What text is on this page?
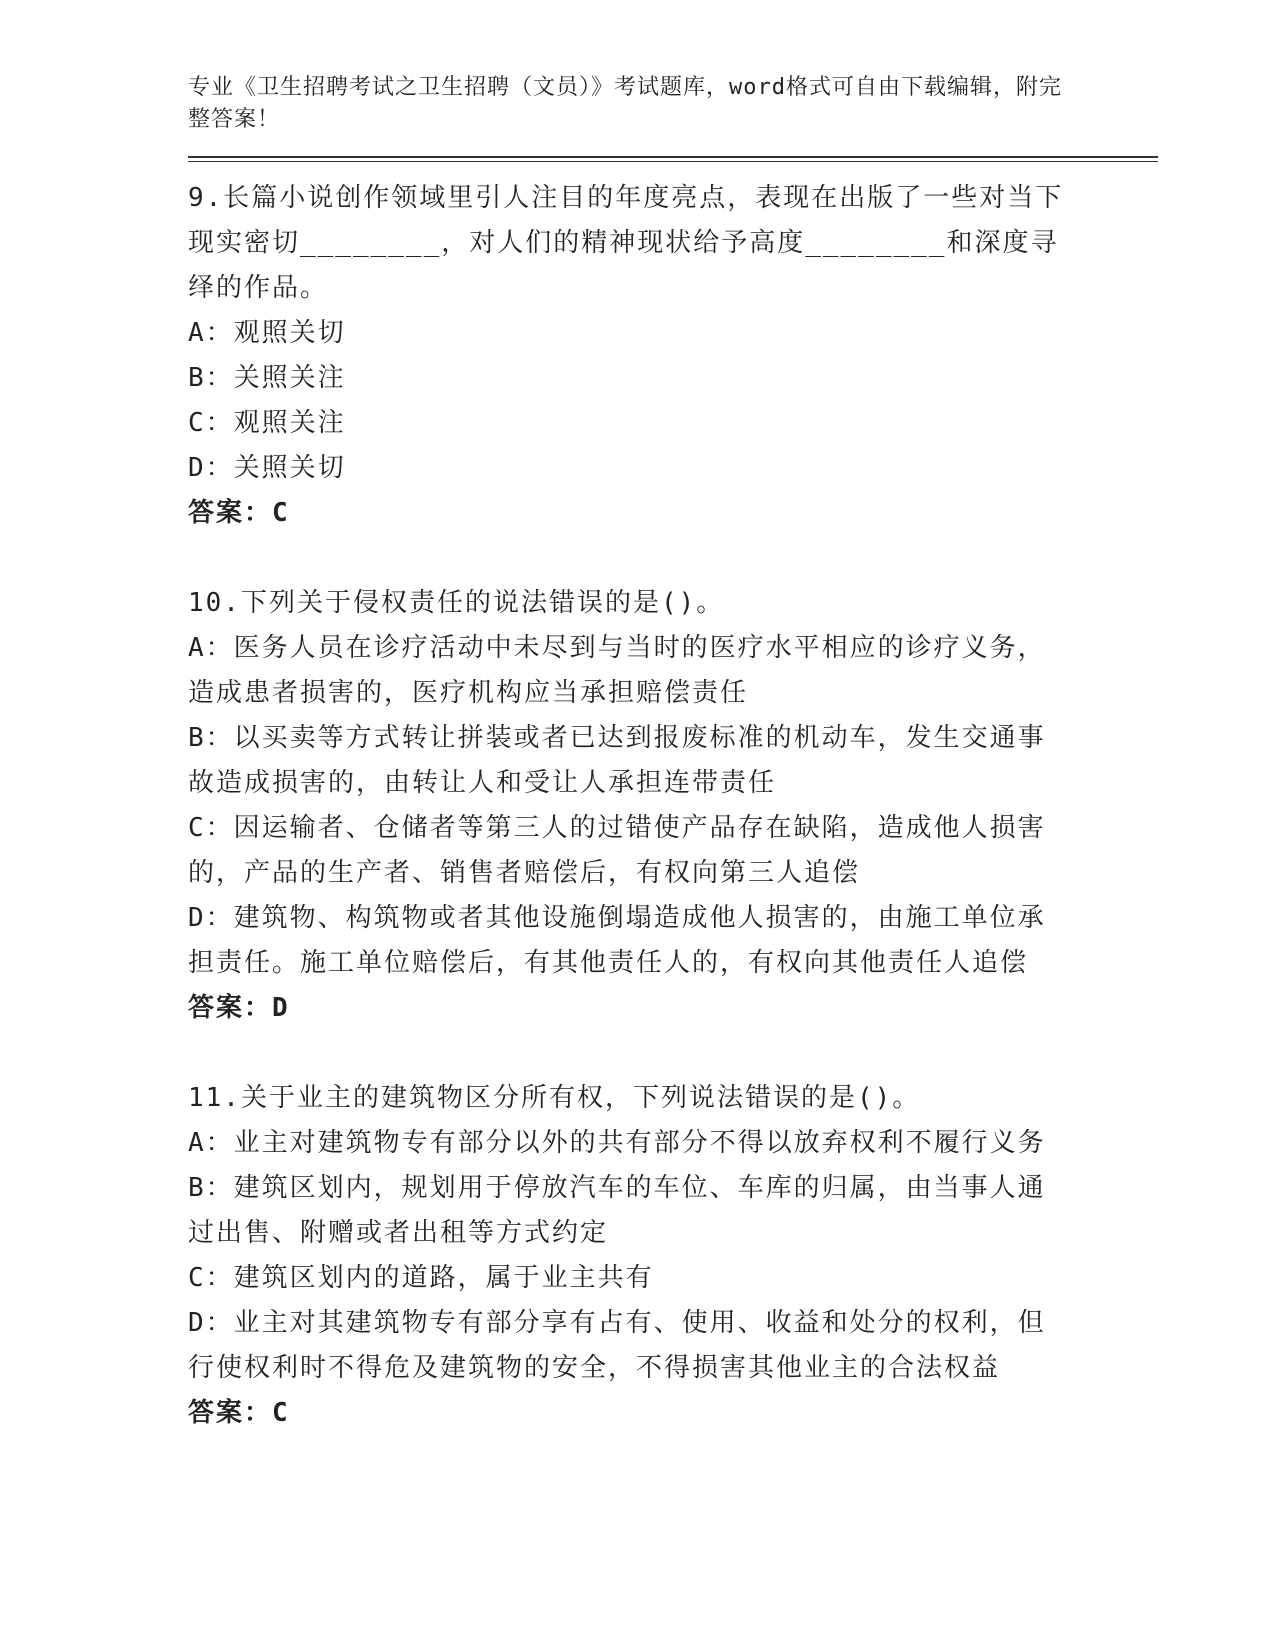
专业《卫生招聘考试之卫生招聘（文员）》考试题库，word格式可自由下载编辑，附完整答案！

9.长篇小说创作领域里引人注目的年度亮点，表现在出版了一些对当下现实密切________，对人们的精神现状给予高度________和深度寻绎的作品。

A：观照关切

B：关照关注

C：观照关注

D：关照关切

答案：C

10.下列关于侵权责任的说法错误的是()。

A：医务人员在诊疗活动中未尽到与当时的医疗水平相应的诊疗义务，造成患者损害的，医疗机构应当承担赔偿责任

B：以买卖等方式转让拼装或者已达到报废标准的机动车，发生交通事故造成损害的，由转让人和受让人承担连带责任

C：因运输者、仓储者等第三人的过错使产品存在缺陷，造成他人损害的，产品的生产者、销售者赔偿后，有权向第三人追偿

D：建筑物、构筑物或者其他设施倒塌造成他人损害的，由施工单位承担责任。施工单位赔偿后，有其他责任人的，有权向其他责任人追偿

答案：D

11.关于业主的建筑物区分所有权，下列说法错误的是()。

A：业主对建筑物专有部分以外的共有部分不得以放弃权利不履行义务

B：建筑区划内，规划用于停放汽车的车位、车库的归属，由当事人通过出售、附赠或者出租等方式约定

C：建筑区划内的道路，属于业主共有

D：业主对其建筑物专有部分享有占有、使用、收益和处分的权利，但行使权利时不得危及建筑物的安全，不得损害其他业主的合法权益

答案：C
